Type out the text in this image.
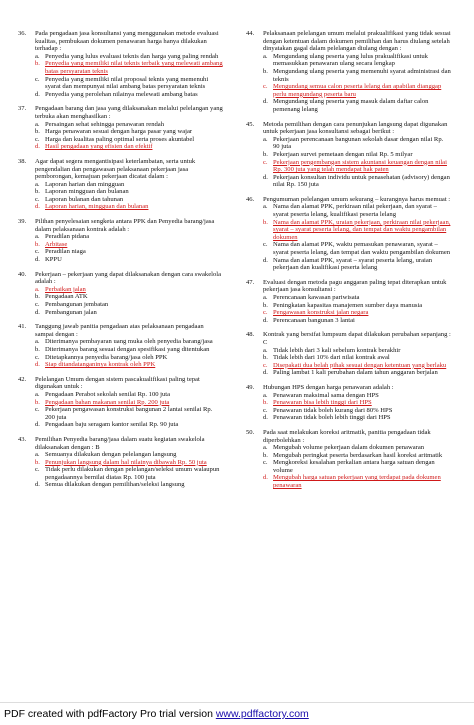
36.	Pada pengadaan jasa konsultansi yang menggunakan metode evaluasi kualitas, pembukaan dokumen penawaran harga hanya dilakukan terhadap :
a. Penyedia yang lulus evaluasi teknis dan harga yang paling rendah
b. Penyedia yang memiliki nilai teknis terbaik yang melewati ambang batas persyaratan teknis
c. Penyedia yang memiliki nilai proposal teknis yang memenuhi syarat dan mempunyai nilai ambang batas persyaratan teknis
d. Penyedia yang perolehan nilainya melewati ambang batas
37.	Pengadaan barang dan jasa yang dilaksanakan melalui pelelangan yang terbuka akan menghasilkan :
a. Persaingan sehat sehingga penawaran rendah
b. Harga penawaran sesuai dengan harga pasar yang wajar
c. Harga dan kualitas paling optimal serta proses akuntabel
d. Hasil pengadaan yang efisien dan efektif
38.	Agar dapat segera mengantisipasi keterlambatan, serta untuk pengendalian dan pengawasan pelaksanaan pekerjaan jasa pemborongan, kemajuan pekerjaan dicatat dalam :
a. Laporan harian dan mingguan
b. Laporan mingguan dan bulanan
c. Laporan bulanan dan tahunan
d. Laporan harian, mingguan dan bulanan
39.	Pilihan penyelesaian sengketa antara PPK dan Penyedia barang/jasa dalam pelaksanaan kontrak adalah :
a. Peradilan pidana
b. Arbitase
c. Peradilan niaga
d. KPPU
40.	Pekerjaan – pekerjaan yang dapat dilaksanakan dengan cara swakelola adalah :
a. Perbaikan jalan
b. Pengadaan ATK
c. Pembangunan jembatan
d. Pembangunan jalan
41.	Tanggung jawab panitia pengadaan atas pelaksanaan pengadaan sampai dengan :
a. Diterimanya pembayaran uang muka oleh penyedia barang/jasa
b. Diterimanya barang sesuai dengan spesifikasi yang ditentukan
c. Ditetapkannya penyedia barang/jasa oleh PPK
d. Siap ditandatanganinya kontrak oleh PPK
42.	Pelelangan Umum dengan sistem pascakualifikasi paling tepat digunakan untuk :
a. Pengadaan Perabot sekolah senilai Rp. 100 juta
b. Pengadaan bahan makanan senilai Rp. 200 juta
c. Pekerjaan pengawasan konstruksi bangunan 2 lantai senilai Rp. 200 juta
d. Pengadaan baju seragam kantor senilai Rp. 90 juta
43.	Pemilihan Penyedia barang/jasa dalam suatu kegiatan swakelola dilaksanakan dengan : B
a. Semuanya dilakukan dengan pelelangan langsung
b. Penunjukan langsung dalam hal nilainya dibawah Rp. 50 juta
c. Tidak perlu dilakukan dengan pelelangan/seleksi umum walaupun pengadaannya bernilai diatas Rp. 100 juta
d. Semua dilakukan dengan pemilihan/seleksi langsung
44.	Pelaksanaan pelelangan umum melalui prakualifikasi yang tidak sesuai dengan ketentuan dalam dokumen pemilihan dan harus diulang setelah dinyatakan gagal dalam pelelangan diulang dengan :
a. Mengundang ulang peserta yang lulus prakualifikasi untuk memasukkan penawaran ulang secara lengkap
b. Mengundang ulang peserta yang memenuhi syarat administrasi dan teknis
c. Mengundang semua calon peserta lelang dan apabilan dianggap perlu mengundang peserta baru
d. Mengundang ulang peserta yang masuk dalam daftar calon pemenang lelang
45.	Metoda pemilihan dengan cara penunjukan langsung dapat digunakan untuk pekerjaan jasa konsultansi sebagai berikut :
a. Pekerjaan perencanaan bangunan sekolah dasar dengan nilai Rp. 90 juta
b. Pekerjaan survei pemetaan dengan nilai Rp. 5 milyar
c. Pekerjaan pengembangan sistem akuntansi keuangan dengan nilai Rp. 300 juta yang telah mendapat hak paten
d. Pekerjaan konsultan individu untuk penasehatan (advisory) dengan nilai Rp. 150 juta
46.	Pengumuman pelelangan umum sekurang – kurangnya harus memuat :
a. Nama dan alamat PPK, perkiraan nilai pekerjaan, dan syarat – syarat peserta lelang, kualifikasi peserta lelang
b. Nama dan alamat PPK, uraian pekerjaan, perkiraan nilai pekerjaan, syarat – syarat peserta lelang, dan tempat dan waktu pengambilan dokumen
c. Nama dan alamat PPK, waktu pemasukan penawaran, syarat – syarat peserta lelang, dan tempat dan waktu pengambilan dokumen
d. Nama dan alamat PPK, syarat – syarat peserta lelang, uraian pekerjaan dan kualifikasi peserta lelang
47.	Evaluasi dengan metoda pagu anggaran paling tepat diterapkan untuk pekerjaan jasa konsultansi :
a. Perencanaan kawasan pariwisata
b. Peningkatan kapasitas manajemen sumber daya manusia
c. Pengawasan konstruksi jalan negara
d. Perencanaan bangunan 3 lantai
48.	Kontrak yang bersifat lumpsum dapat dilakukan perubahan sepanjang : C
a. Tidak lebih dari 3 kali sebelum kontrak berakhir
b. Tidak lebih dari 10% dari nilai kontrak awal
c. Disepakati dua belah pihak sesuai dengan ketentuan yang berlaku
d. Paling lambat 1 kali perubahan dalam tahun anggaran berjalan
49.	Hubungan HPS dengan harga penawaran adalah :
a. Penawaran maksimal sama dengan HPS
b. Penawaran bisa lebih tinggi dari HPS
c. Penawaran tidak boleh kurang dari 80% HPS
d. Penawaran tidak boleh lebih tinggi dari HPS
50.	Pada saat melakukan koreksi aritmatik, panitia pengadaan tidak diperbolehkan :
a. Mengubah volume pekerjaan dalam dokumen penawaran
b. Mengubah peringkat peserta berdasarkan hasil koreksi aritmatik
c. Mengkoreksi kesalahan perkalian antara harga satuan dengan volume
d. Mengubah harga satuan pekerjaan yang terdapat pada dokumen penawaran
PDF created with pdfFactory Pro trial version www.pdffactory.com
